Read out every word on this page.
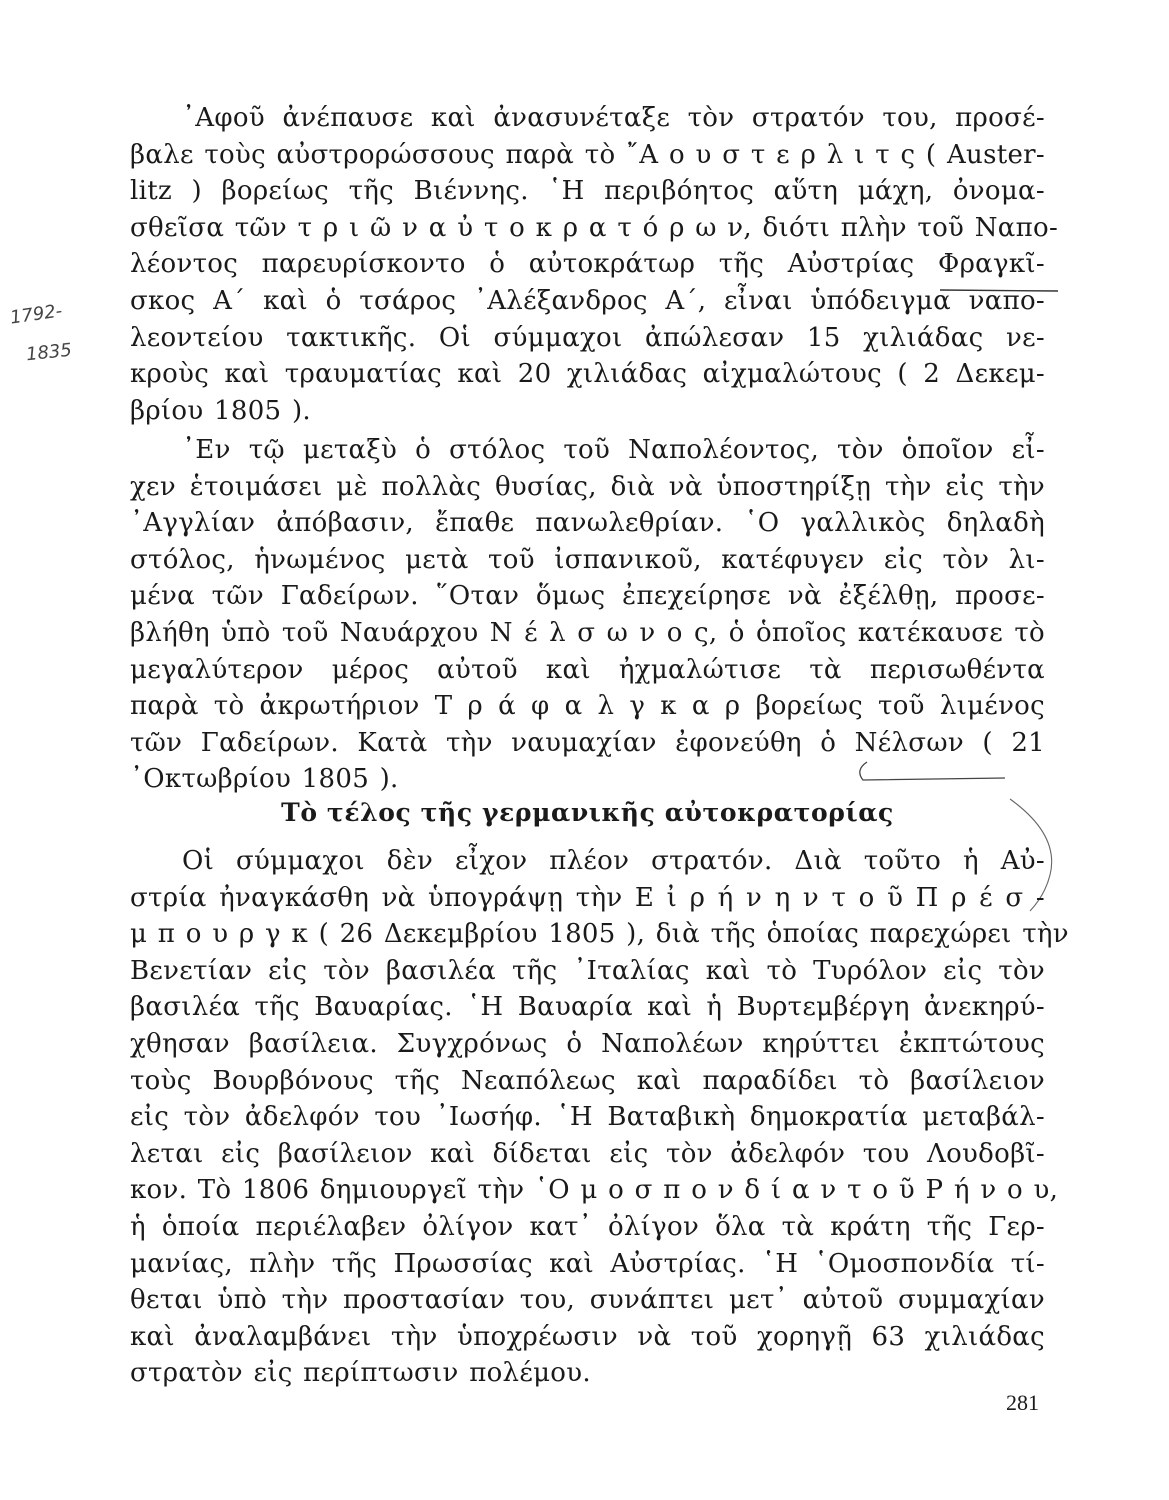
1792-
1835
᾿Αφοῦ ἀνέπαυσε καὶ ἀνασυνέταξε τὸν στρατόν του, προσέ-
βαλε τοὺς αὐστρορώσσους παρὰ τὸ ῎Α ο υ σ τ ε ρ λ ι τ ς ( Auster-
litz ) βορείως τῆς Βιέννης. ῾Η περιβόητος αὕτη μάχη, ὀνομα-
σθεῖσα τῶν τ ρ ι ῶ ν α ὐ τ ο κ ρ α τ ό ρ ω ν, διότι πλὴν τοῦ Ναπο-
λέοντος παρευρίσκοντο ὁ αὐτοκράτωρ τῆς Αὐστρίας Φραγκῖ-
σκος Α΄ καὶ ὁ τσάρος ᾿Αλέξανδρος Α΄, εἶναι ὑπόδειγμα ναπο-
λεοντείου τακτικῆς. Οἱ σύμμαχοι ἀπώλεσαν 15 χιλιάδας νε-
κροὺς καὶ τραυματίας καὶ 20 χιλιάδας αἰχμαλώτους ( 2 Δεκεμ-
βρίου 1805 ).
᾿Εν τῷ μεταξὺ ὁ στόλος τοῦ Ναπολέοντος, τὸν ὁποῖον εἶ-
χεν ἑτοιμάσει μὲ πολλὰς θυσίας, διὰ νὰ ὑποστηρίξῃ τὴν εἰς τὴν
᾿Αγγλίαν ἀπόβασιν, ἔπαθε πανωλεθρίαν. ῾Ο γαλλικὸς δηλαδὴ
στόλος, ἡνωμένος μετὰ τοῦ ἰσπανικοῦ, κατέφυγεν εἰς τὸν λι-
μένα τῶν Γαδείρων. ῞Οταν ὅμως ἐπεχείρησε νὰ ἐξέλθῃ, προσε-
βλήθη ὑπὸ τοῦ Ναυάρχου Ν έ λ σ ω ν ο ς, ὁ ὁποῖος κατέκαυσε τὸ
μεγαλύτερον μέρος αὐτοῦ καὶ ἠχμαλώτισε τὰ περισωθέντα
παρὰ τὸ ἀκρωτήριον Τ ρ ά φ α λ γ κ α ρ βορείως τοῦ λιμένος
τῶν Γαδείρων. Κατὰ τὴν ναυμαχίαν ἐφονεύθη ὁ Νέλσων ( 21
᾿Οκτωβρίου 1805 ).
Τὸ τέλος τῆς γερμανικῆς αὐτοκρατορίας
Οἱ σύμμαχοι δὲν εἶχον πλέον στρατόν. Διὰ τοῦτο ἡ Αὐ-
στρία ἠναγκάσθη νὰ ὑπογράψῃ τὴν Ε ἰ ρ ή ν η ν τ ο ῦ Π ρ έ σ -
μ π ο υ ρ γ κ ( 26 Δεκεμβρίου 1805 ), διὰ τῆς ὁποίας παρεχώρει τὴν
Βενετίαν εἰς τὸν βασιλέα τῆς ᾿Ιταλίας καὶ τὸ Τυρόλον εἰς τὸν
βασιλέα τῆς Βαυαρίας. ῾Η Βαυαρία καὶ ἡ Βυρτεμβέργη ἀνεκηρύ-
χθησαν βασίλεια. Συγχρόνως ὁ Ναπολέων κηρύττει ἐκπτώτους
τοὺς Βουρβόνους τῆς Νεαπόλεως καὶ παραδίδει τὸ βασίλειον
εἰς τὸν ἀδελφόν του ᾿Ιωσήφ. ῾Η Βαταβικὴ δημοκρατία μεταβάλ-
λεται εἰς βασίλειον καὶ δίδεται εἰς τὸν ἀδελφόν του Λουδοβῖ-
κον. Τὸ 1806 δημιουργεῖ τὴν ῾Ο μ ο σ π ο ν δ ί α ν τ ο ῦ Ρ ή ν ο υ,
ἡ ὁποία περιέλαβεν ὀλίγον κατ᾿ ὀλίγον ὅλα τὰ κράτη τῆς Γερ-
μανίας, πλὴν τῆς Πρωσσίας καὶ Αὐστρίας. ῾Η ῾Ομοσπονδία τί-
θεται ὑπὸ τὴν προστασίαν του, συνάπτει μετ᾿ αὐτοῦ συμμαχίαν
καὶ ἀναλαμβάνει τὴν ὑποχρέωσιν νὰ τοῦ χορηγῇ 63 χιλιάδας
στρατὸν εἰς περίπτωσιν πολέμου.
281
